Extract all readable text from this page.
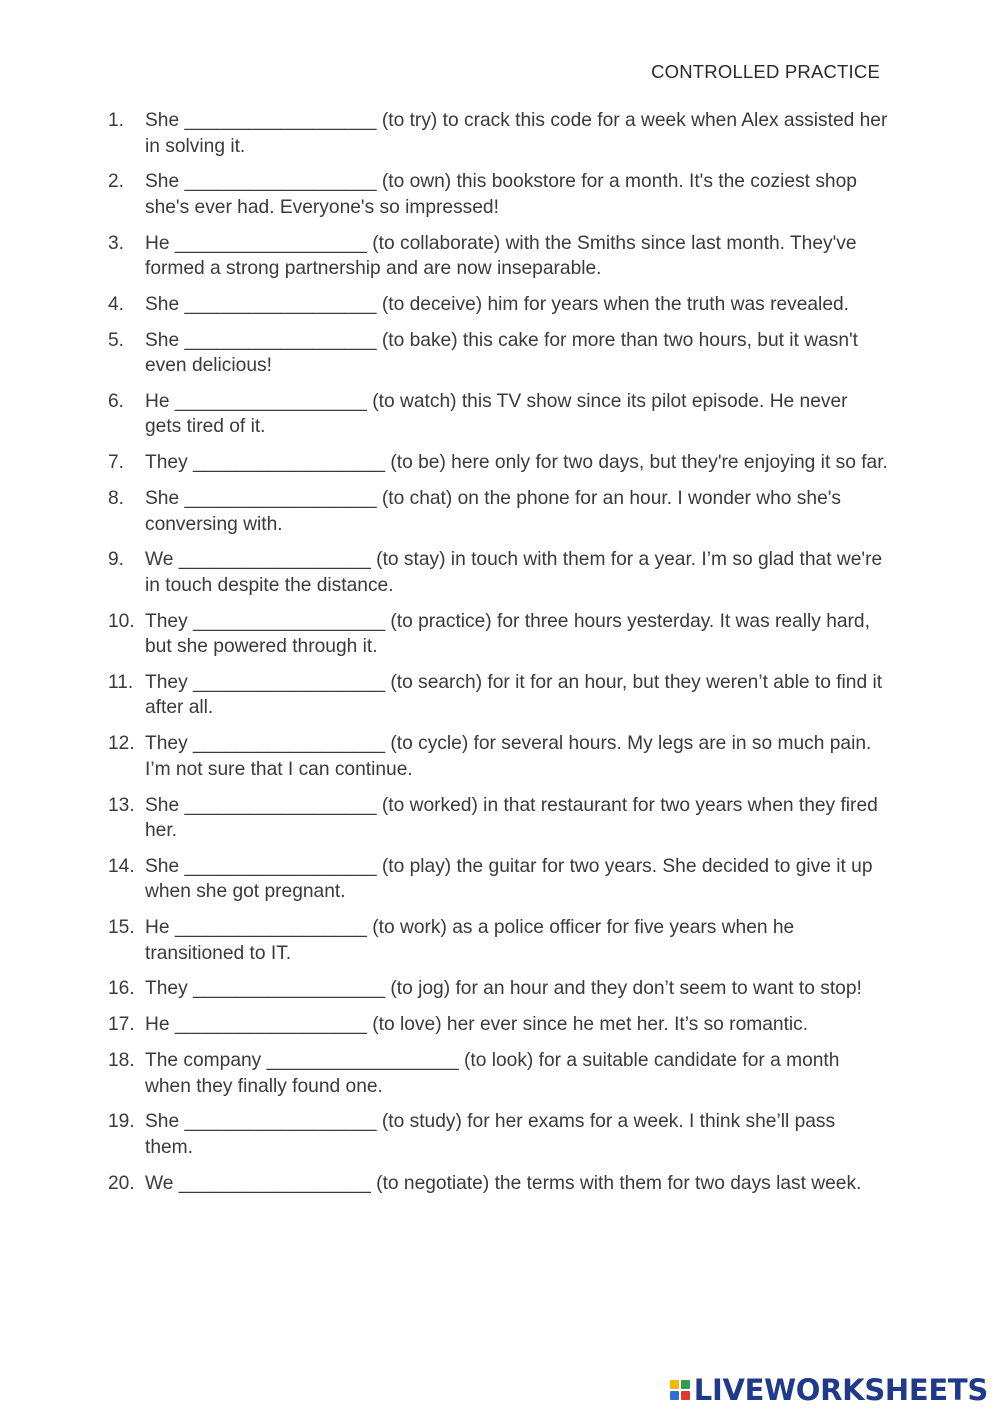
CONTROLLED PRACTICE
1.	She __________________ (to try) to crack this code for a week when Alex assisted her in solving it.
2.	She __________________ (to own) this bookstore for a month. It's the coziest shop she's ever had. Everyone's so impressed!
3.	He __________________ (to collaborate) with the Smiths since last month. They've formed a strong partnership and are now inseparable.
4.	She __________________ (to deceive) him for years when the truth was revealed.
5.	She __________________ (to bake) this cake for more than two hours, but it wasn't even delicious!
6.	He __________________ (to watch) this TV show since its pilot episode. He never gets tired of it.
7.	They __________________ (to be) here only for two days, but they're enjoying it so far.
8.	She __________________ (to chat) on the phone for an hour. I wonder who she's conversing with.
9.	We __________________ (to stay) in touch with them for a year. I’m so glad that we're in touch despite the distance.
10. They __________________ (to practice) for three hours yesterday. It was really hard, but she powered through it.
11. They __________________ (to search) for it for an hour, but they weren’t able to find it after all.
12. They __________________ (to cycle) for several hours. My legs are in so much pain. I’m not sure that I can continue.
13. She __________________ (to worked) in that restaurant for two years when they fired her.
14. She __________________ (to play) the guitar for two years. She decided to give it up when she got pregnant.
15. He __________________ (to work) as a police officer for five years when he transitioned to IT.
16. They __________________ (to jog) for an hour and they don’t seem to want to stop!
17. He __________________ (to love) her ever since he met her. It’s so romantic.
18. The company __________________ (to look) for a suitable candidate for a month when they finally found one.
19. She __________________ (to study) for her exams for a week. I think she’ll pass them.
20. We __________________ (to negotiate) the terms with them for two days last week.
LIVEWORKSHEETS
